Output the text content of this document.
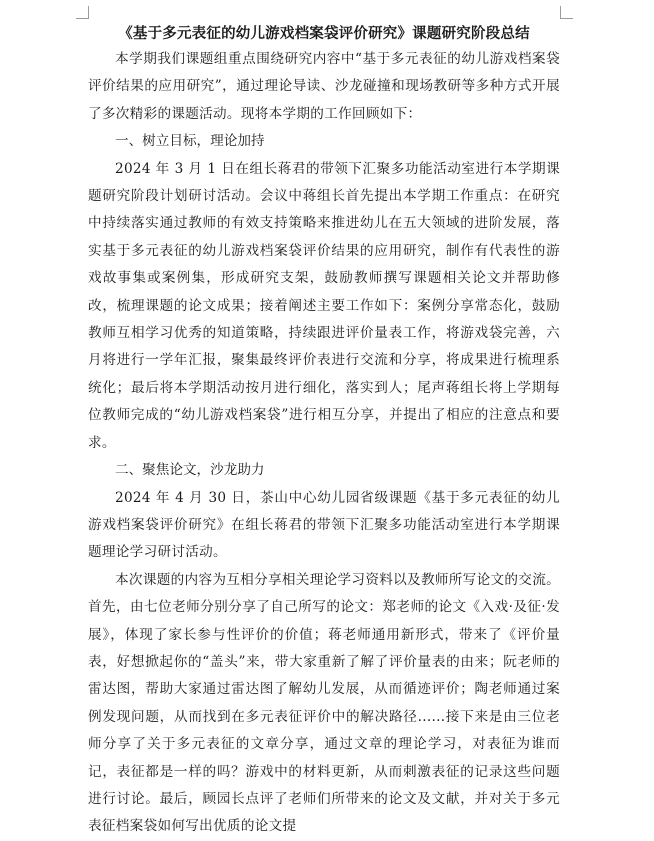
《基于多元表征的幼儿游戏档案袋评价研究》课题研究阶段总结

本学期我们课题组重点围绕研究内容中“基于多元表征的幼儿游戏档案袋评价结果的应用研究”，通过理论导读、沙龙碰撞和现场教研等多种方式开展了多次精彩的课题活动。现将本学期的工作回顾如下：

一、树立目标，理论加持

2024 年 3 月 1 日在组长蒋君的带领下汇聚多功能活动室进行本学期课题研究阶段计划研讨活动。会议中蒋组长首先提出本学期工作重点：在研究中持续落实通过教师的有效支持策略来推进幼儿在五大领域的进阶发展，落实基于多元表征的幼儿游戏档案袋评价结果的应用研究，制作有代表性的游戏故事集或案例集，形成研究支架，鼓励教师撰写课题相关论文并帮助修改，梳理课题的论文成果；接着阐述主要工作如下：案例分享常态化，鼓励教师互相学习优秀的知道策略，持续跟进评价量表工作，将游戏袋完善，六月将进行一学年汇报，聚集最终评价表进行交流和分享，将成果进行梳理系统化；最后将本学期活动按月进行细化，落实到人；尾声蒋组长将上学期每位教师完成的“幼儿游戏档案袋”进行相互分享，并提出了相应的注意点和要求。

二、聚焦论文，沙龙助力

2024 年 4 月 30 日，茶山中心幼儿园省级课题《基于多元表征的幼儿游戏档案袋评价研究》在组长蒋君的带领下汇聚多功能活动室进行本学期课题理论学习研讨活动。

本次课题的内容为互相分享相关理论学习资料以及教师所写论文的交流。首先，由七位老师分别分享了自己所写的论文：郑老师的论文《入戏·及征·发展》，体现了家长参与性评价的价值；蒋老师通用新形式，带来了《评价量表，好想掀起你的“盖头”来，带大家重新了解了评价量表的由来；阮老师的雷达图，帮助大家通过雷达图了解幼儿发展，从而循迹评价；陶老师通过案例发现问题，从而找到在多元表征评价中的解决路径......接下来是由三位老师分享了关于多元表征的文章分享，通过文章的理论学习，对表征为谁而记，表征都是一样的吗？游戏中的材料更新，从而刺激表征的记录这些问题进行讨论。最后，顾园长点评了老师们所带来的论文及文献，并对关于多元表征档案袋如何写出优质的论文提
